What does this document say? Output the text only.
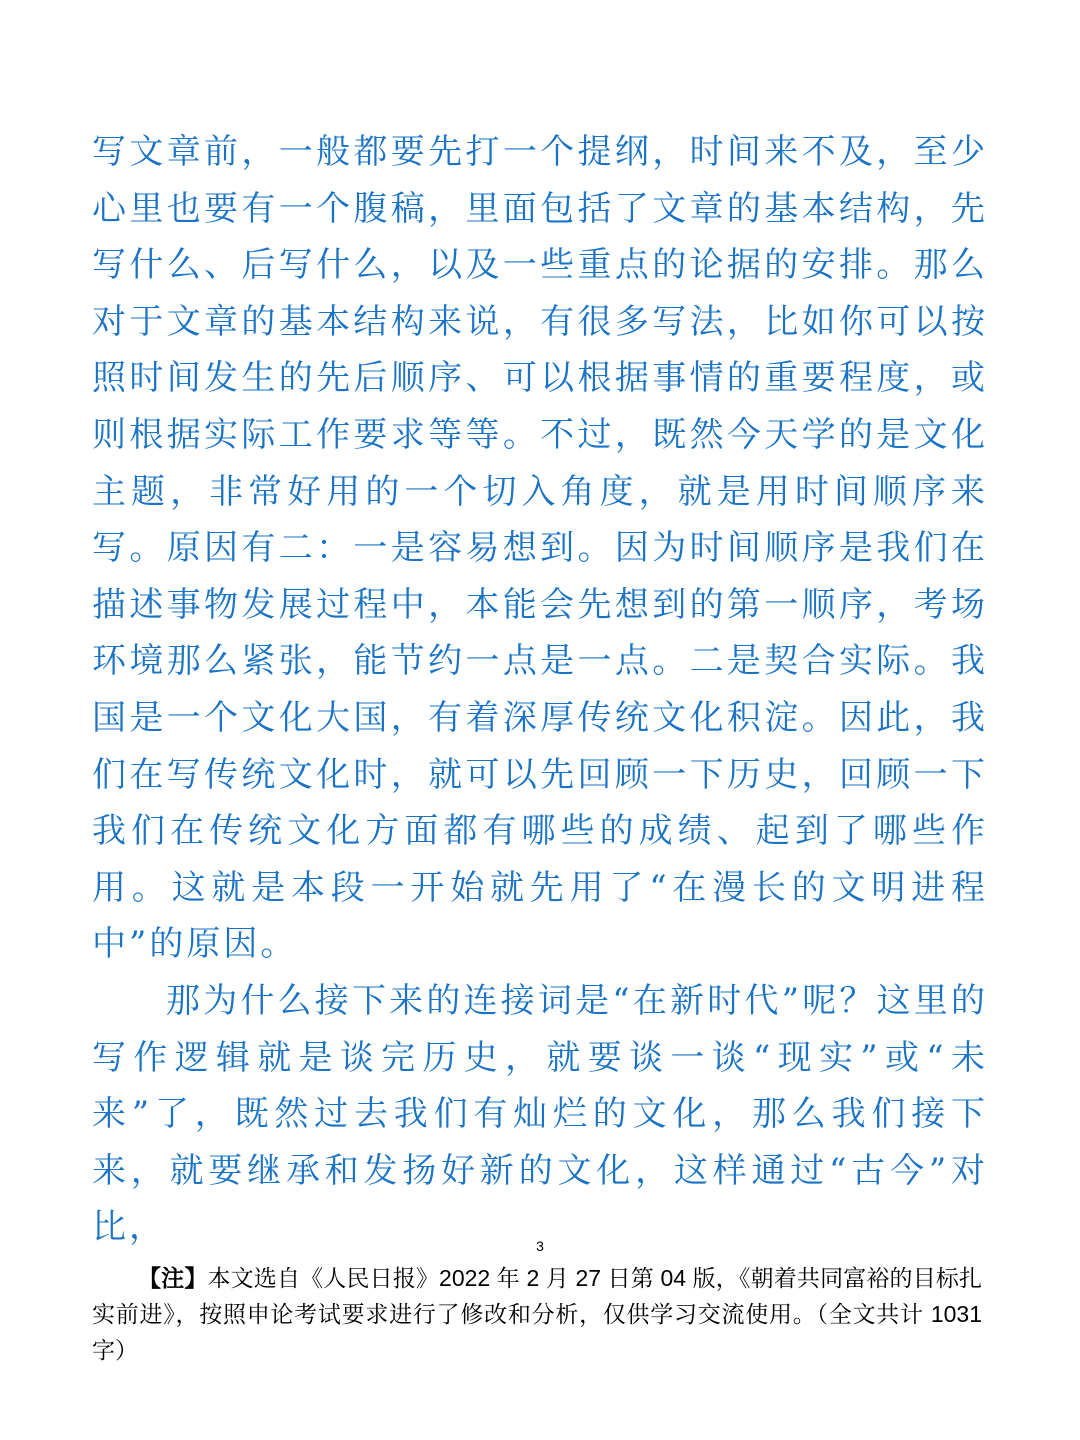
写文章前，一般都要先打一个提纲，时间来不及，至少心里也要有一个腹稿，里面包括了文章的基本结构，先写什么、后写什么，以及一些重点的论据的安排。那么对于文章的基本结构来说，有很多写法，比如你可以按照时间发生的先后顺序、可以根据事情的重要程度，或则根据实际工作要求等等。不过，既然今天学的是文化主题，非常好用的一个切入角度，就是用时间顺序来写。原因有二：一是容易想到。因为时间顺序是我们在描述事物发展过程中，本能会先想到的第一顺序，考场环境那么紧张，能节约一点是一点。二是契合实际。我国是一个文化大国，有着深厚传统文化积淀。因此，我们在写传统文化时，就可以先回顾一下历史，回顾一下我们在传统文化方面都有哪些的成绩、起到了哪些作用。这就是本段一开始就先用了“在漫长的文明进程中”的原因。

那为什么接下来的连接词是“在新时代”呢？这里的写作逻辑就是谈完历史，就要谈一谈“现实”或“未来”了，既然过去我们有灿烂的文化，那么我们接下来，就要继承和发扬好新的文化，这样通过“古今”对比，	3
【注】本文选自《人民日报》2022 年 2 月 27 日第 04 版，《朝着共同富裕的目标扎实前进》，按照申论考试要求进行了修改和分析，仅供学习交流使用。（全文共计 1031 字）
